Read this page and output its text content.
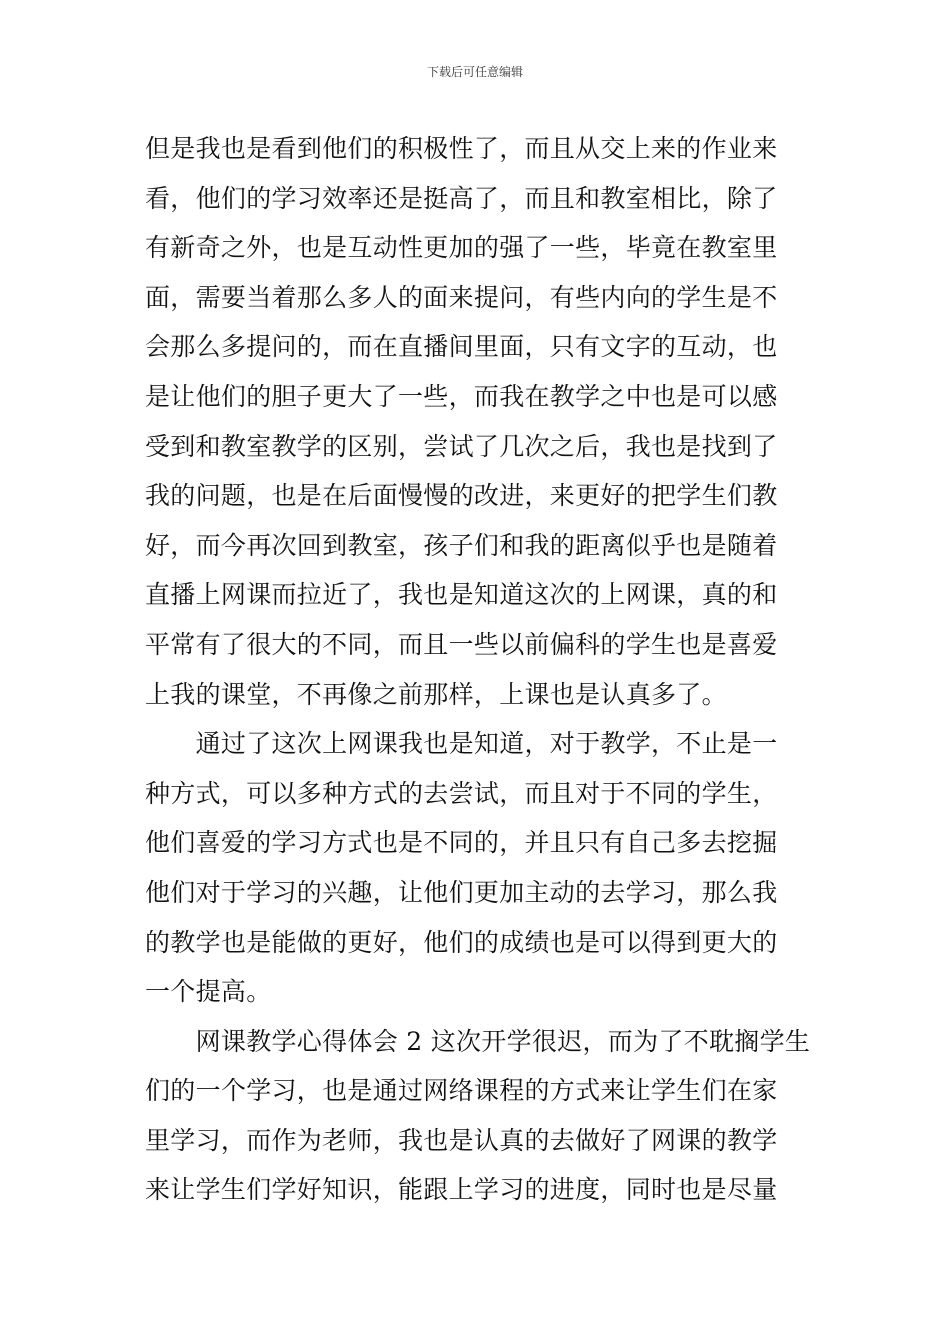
下载后可任意编辑
但是我也是看到他们的积极性了，而且从交上来的作业来
看，他们的学习效率还是挺高了，而且和教室相比，除了
有新奇之外，也是互动性更加的强了一些，毕竟在教室里
面，需要当着那么多人的面来提问，有些内向的学生是不
会那么多提问的，而在直播间里面，只有文字的互动，也
是让他们的胆子更大了一些，而我在教学之中也是可以感
受到和教室教学的区别，尝试了几次之后，我也是找到了
我的问题，也是在后面慢慢的改进，来更好的把学生们教
好，而今再次回到教室，孩子们和我的距离似乎也是随着
直播上网课而拉近了，我也是知道这次的上网课，真的和
平常有了很大的不同，而且一些以前偏科的学生也是喜爱
上我的课堂，不再像之前那样，上课也是认真多了。
　　通过了这次上网课我也是知道，对于教学，不止是一
种方式，可以多种方式的去尝试，而且对于不同的学生，
他们喜爱的学习方式也是不同的，并且只有自己多去挖掘
他们对于学习的兴趣，让他们更加主动的去学习，那么我
的教学也是能做的更好，他们的成绩也是可以得到更大的
一个提高。
　　网课教学心得体会 2 这次开学很迟，而为了不耽搁学生
们的一个学习，也是通过网络课程的方式来让学生们在家
里学习，而作为老师，我也是认真的去做好了网课的教学
来让学生们学好知识，能跟上学习的进度，同时也是尽量
